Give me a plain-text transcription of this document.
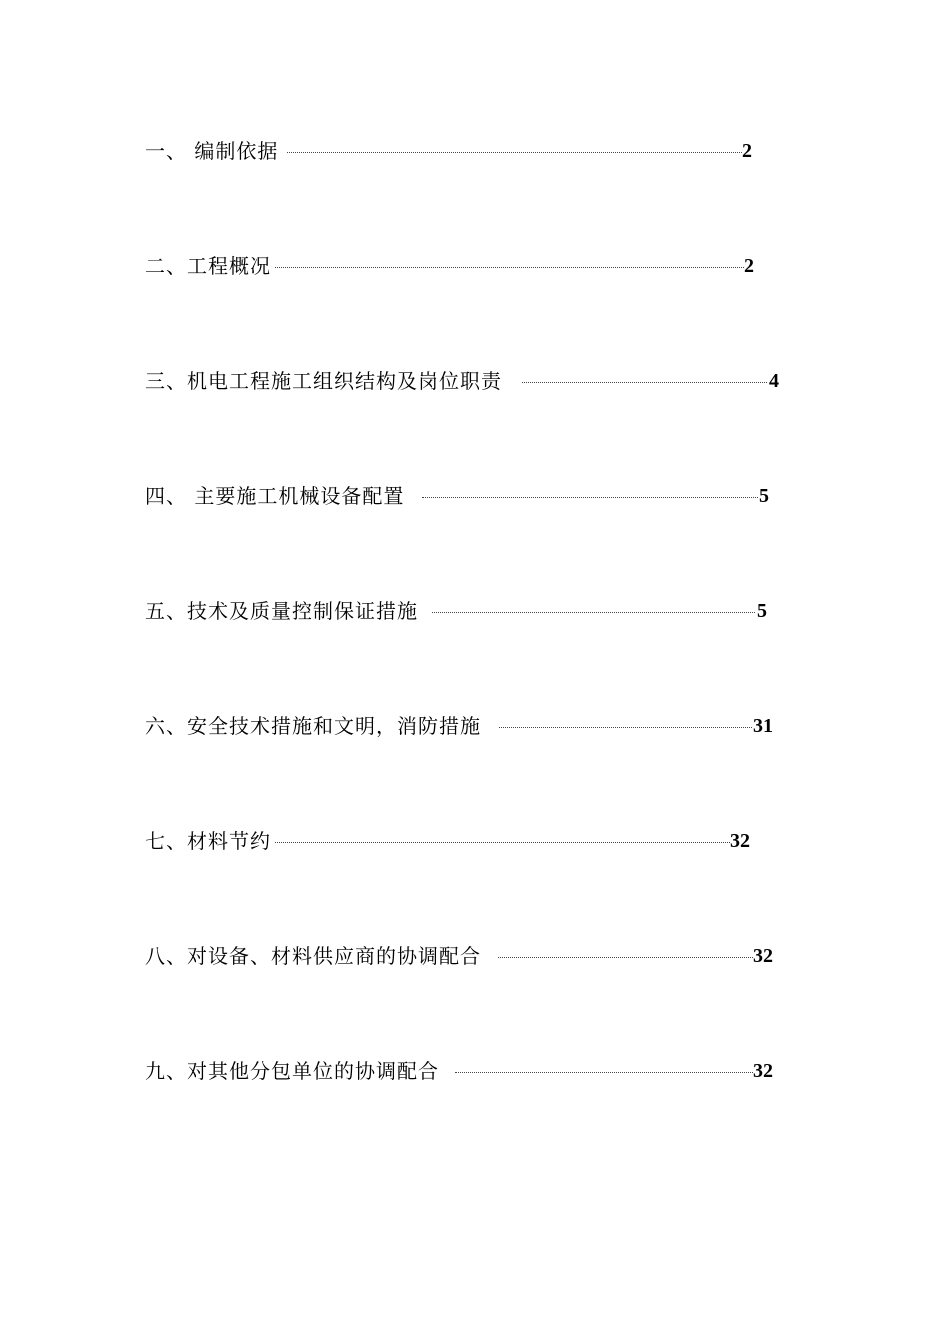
一、 编制依据	2
二、工程概况	2
三、机电工程施工组织结构及岗位职责	4
四、 主要施工机械设备配置	5
五、技术及质量控制保证措施	5
六、安全技术措施和文明，消防措施	31
七、材料节约	32
八、对设备、材料供应商的协调配合	32
九、对其他分包单位的协调配合	32
